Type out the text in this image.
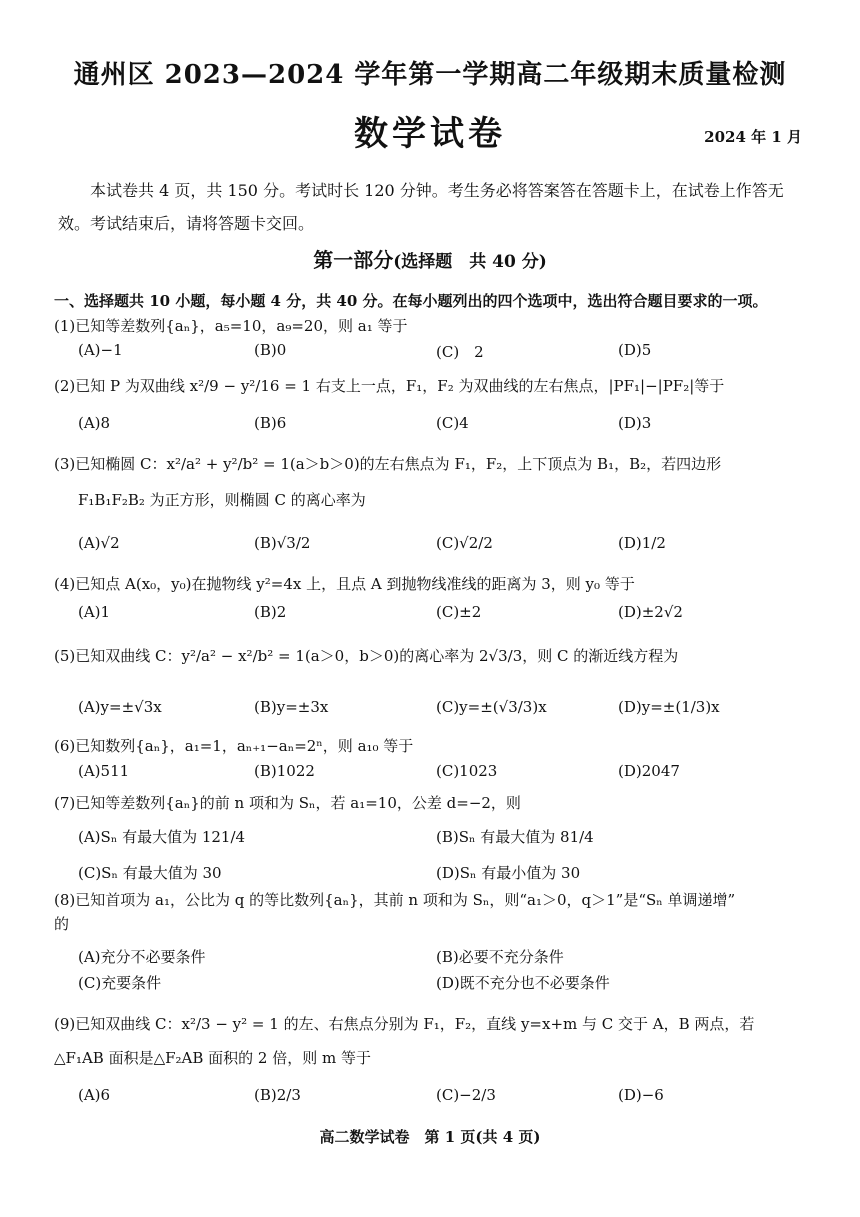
通州区 2023—2024 学年第一学期高二年级期末质量检测
数学试卷	2024 年 1 月
本试卷共 4 页，共 150 分。考试时长 120 分钟。考生务必将答案答在答题卡上，在试卷上作答无效。考试结束后，请将答题卡交回。
第一部分(选择题　共 40 分)
一、选择题共 10 小题，每小题 4 分，共 40 分。在每小题列出的四个选项中，选出符合题目要求的一项。
(1)已知等差数列{aₙ}，a₅=10，a₉=20，则 a₁ 等于
(A)−1	(B)0	(C)　2	(D)5
(2)已知 P 为双曲线 x²/9 − y²/16 = 1 右支上一点，F₁，F₂ 为双曲线的左右焦点，|PF₁|−|PF₂|等于
(A)8	(B)6	(C)4	(D)3
(3)已知椭圆 C：x²/a² + y²/b² = 1(a＞b＞0)的左右焦点为 F₁，F₂，上下顶点为 B₁，B₂，若四边形
F₁B₁F₂B₂ 为正方形，则椭圆 C 的离心率为
(A)√2	(B)√3/2	(C)√2/2	(D)1/2
(4)已知点 A(x₀，y₀)在抛物线 y²=4x 上，且点 A 到抛物线准线的距离为 3，则 y₀ 等于
(A)1	(B)2	(C)±2	(D)±2√2
(5)已知双曲线 C：y²/a² − x²/b² = 1(a＞0，b＞0)的离心率为 2√3/3，则 C 的渐近线方程为
(A)y=±√3x	(B)y=±3x	(C)y=±(√3/3)x	(D)y=±(1/3)x
(6)已知数列{aₙ}，a₁=1，aₙ₊₁−aₙ=2ⁿ，则 a₁₀ 等于
(A)511	(B)1022	(C)1023	(D)2047
(7)已知等差数列{aₙ}的前 n 项和为 Sₙ，若 a₁=10，公差 d=−2，则
(A)Sₙ 有最大值为 121/4	(B)Sₙ 有最大值为 81/4
(C)Sₙ 有最大值为 30	(D)Sₙ 有最小值为 30
(8)已知首项为 a₁，公比为 q 的等比数列{aₙ}，其前 n 项和为 Sₙ，则“a₁＞0，q＞1”是“Sₙ 单调递增”
的
(A)充分不必要条件	(B)必要不充分条件
(C)充要条件	(D)既不充分也不必要条件
(9)已知双曲线 C：x²/3 − y² = 1 的左、右焦点分别为 F₁，F₂，直线 y=x+m 与 C 交于 A，B 两点，若
△F₁AB 面积是△F₂AB 面积的 2 倍，则 m 等于
(A)6	(B)2/3	(C)−2/3	(D)−6
高二数学试卷　第 1 页(共 4 页)
